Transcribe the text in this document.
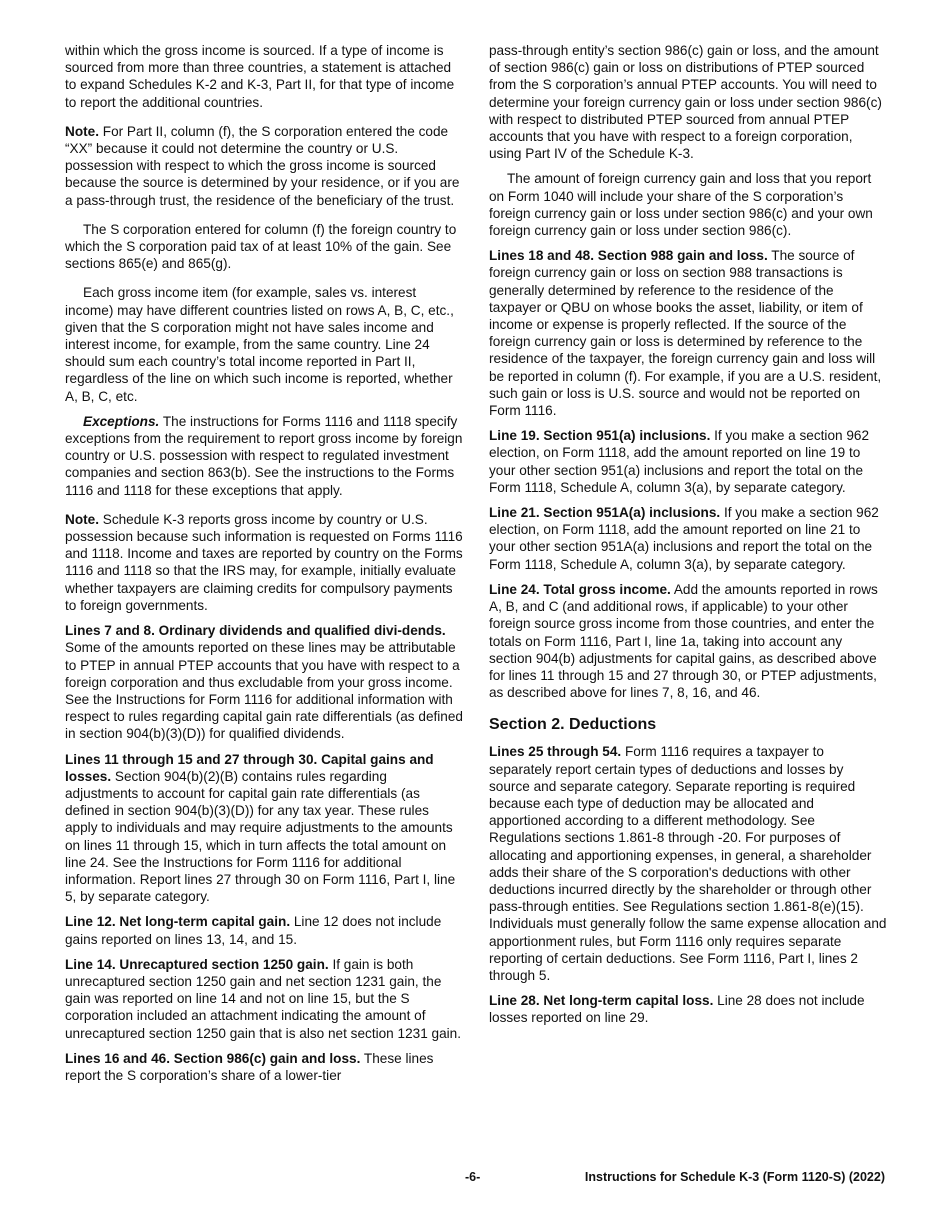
within which the gross income is sourced. If a type of income is sourced from more than three countries, a statement is attached to expand Schedules K-2 and K-3, Part II, for that type of income to report the additional countries.

Note. For Part II, column (f), the S corporation entered the code “XX” because it could not determine the country or U.S. possession with respect to which the gross income is sourced because the source is determined by your residence, or if you are a pass-through trust, the residence of the beneficiary of the trust.

The S corporation entered for column (f) the foreign country to which the S corporation paid tax of at least 10% of the gain. See sections 865(e) and 865(g).

Each gross income item (for example, sales vs. interest income) may have different countries listed on rows A, B, C, etc., given that the S corporation might not have sales income and interest income, for example, from the same country. Line 24 should sum each country’s total income reported in Part II, regardless of the line on which such income is reported, whether A, B, C, etc.

Exceptions. The instructions for Forms 1116 and 1118 specify exceptions from the requirement to report gross income by foreign country or U.S. possession with respect to regulated investment companies and section 863(b). See the instructions to the Forms 1116 and 1118 for these exceptions that apply.

Note. Schedule K-3 reports gross income by country or U.S. possession because such information is requested on Forms 1116 and 1118. Income and taxes are reported by country on the Forms 1116 and 1118 so that the IRS may, for example, initially evaluate whether taxpayers are claiming credits for compulsory payments to foreign governments.

Lines 7 and 8. Ordinary dividends and qualified divi-dends. Some of the amounts reported on these lines may be attributable to PTEP in annual PTEP accounts that you have with respect to a foreign corporation and thus excludable from your gross income. See the Instructions for Form 1116 for additional information with respect to rules regarding capital gain rate differentials (as defined in section 904(b)(3)(D)) for qualified dividends.

Lines 11 through 15 and 27 through 30. Capital gains and losses. Section 904(b)(2)(B) contains rules regarding adjustments to account for capital gain rate differentials (as defined in section 904(b)(3)(D)) for any tax year. These rules apply to individuals and may require adjustments to the amounts on lines 11 through 15, which in turn affects the total amount on line 24. See the Instructions for Form 1116 for additional information. Report lines 27 through 30 on Form 1116, Part I, line 5, by separate category.

Line 12. Net long-term capital gain. Line 12 does not include gains reported on lines 13, 14, and 15.

Line 14. Unrecaptured section 1250 gain. If gain is both unrecaptured section 1250 gain and net section 1231 gain, the gain was reported on line 14 and not on line 15, but the S corporation included an attachment indicating the amount of unrecaptured section 1250 gain that is also net section 1231 gain.

Lines 16 and 46. Section 986(c) gain and loss. These lines report the S corporation’s share of a lower-tier

pass-through entity’s section 986(c) gain or loss, and the amount of section 986(c) gain or loss on distributions of PTEP sourced from the S corporation’s annual PTEP accounts. You will need to determine your foreign currency gain or loss under section 986(c) with respect to distributed PTEP sourced from annual PTEP accounts that you have with respect to a foreign corporation, using Part IV of the Schedule K-3.

The amount of foreign currency gain and loss that you report on Form 1040 will include your share of the S corporation’s foreign currency gain or loss under section 986(c) and your own foreign currency gain or loss under section 986(c).

Lines 18 and 48. Section 988 gain and loss. The source of foreign currency gain or loss on section 988 transactions is generally determined by reference to the residence of the taxpayer or QBU on whose books the asset, liability, or item of income or expense is properly reflected. If the source of the foreign currency gain or loss is determined by reference to the residence of the taxpayer, the foreign currency gain and loss will be reported in column (f). For example, if you are a U.S. resident, such gain or loss is U.S. source and would not be reported on Form 1116.

Line 19. Section 951(a) inclusions. If you make a section 962 election, on Form 1118, add the amount reported on line 19 to your other section 951(a) inclusions and report the total on the Form 1118, Schedule A, column 3(a), by separate category.

Line 21. Section 951A(a) inclusions. If you make a section 962 election, on Form 1118, add the amount reported on line 21 to your other section 951A(a) inclusions and report the total on the Form 1118, Schedule A, column 3(a), by separate category.

Line 24. Total gross income. Add the amounts reported in rows A, B, and C (and additional rows, if applicable) to your other foreign source gross income from those countries, and enter the totals on Form 1116, Part I, line 1a, taking into account any section 904(b) adjustments for capital gains, as described above for lines 11 through 15 and 27 through 30, or PTEP adjustments, as described above for lines 7, 8, 16, and 46.

Section 2. Deductions

Lines 25 through 54. Form 1116 requires a taxpayer to separately report certain types of deductions and losses by source and separate category. Separate reporting is required because each type of deduction may be allocated and apportioned according to a different methodology. See Regulations sections 1.861-8 through -20. For purposes of allocating and apportioning expenses, in general, a shareholder adds their share of the S corporation's deductions with other deductions incurred directly by the shareholder or through other pass-through entities. See Regulations section 1.861-8(e)(15). Individuals must generally follow the same expense allocation and apportionment rules, but Form 1116 only requires separate reporting of certain deductions. See Form 1116, Part I, lines 2 through 5.

Line 28. Net long-term capital loss. Line 28 does not include losses reported on line 29.

-6-	Instructions for Schedule K-3 (Form 1120-S) (2022)
